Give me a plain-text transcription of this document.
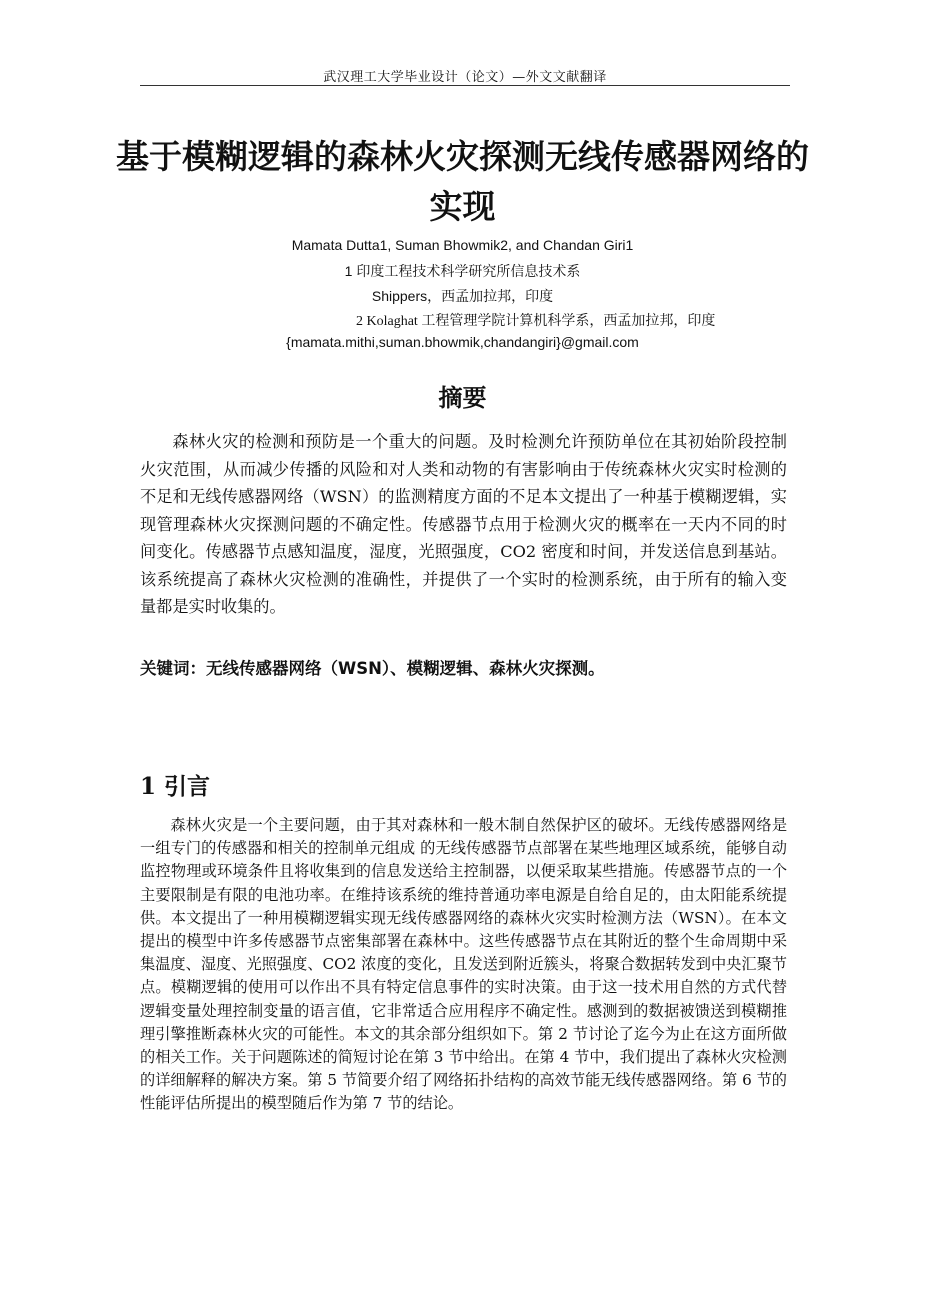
武汉理工大学毕业设计（论文）—外文文献翻译
基于模糊逻辑的森林火灾探测无线传感器网络的实现
Mamata Dutta1, Suman Bhowmik2, and Chandan Giri1
1 印度工程技术科学研究所信息技术系
Shippers，西孟加拉邦，印度
2 Kolaghat 工程管理学院计算机科学系，西孟加拉邦，印度
{mamata.mithi,suman.bhowmik,chandangiri}@gmail.com
摘要
森林火灾的检测和预防是一个重大的问题。及时检测允许预防单位在其初始阶段控制火灾范围，从而减少传播的风险和对人类和动物的有害影响由于传统森林火灾实时检测的不足和无线传感器网络（WSN）的监测精度方面的不足本文提出了一种基于模糊逻辑，实现管理森林火灾探测问题的不确定性。传感器节点用于检测火灾的概率在一天内不同的时间变化。传感器节点感知温度，湿度，光照强度，CO2 密度和时间，并发送信息到基站。该系统提高了森林火灾检测的准确性，并提供了一个实时的检测系统，由于所有的输入变量都是实时收集的。
关键词：无线传感器网络（WSN）、模糊逻辑、森林火灾探测。
1 引言
森林火灾是一个主要问题，由于其对森林和一般木制自然保护区的破坏。无线传感器网络是一组专门的传感器和相关的控制单元组成 的无线传感器节点部署在某些地理区域系统，能够自动监控物理或环境条件且将收集到的信息发送给主控制器，以便采取某些措施。传感器节点的一个主要限制是有限的电池功率。在维持该系统的维持普通功率电源是自给自足的，由太阳能系统提供。本文提出了一种用模糊逻辑实现无线传感器网络的森林火灾实时检测方法（WSN）。在本文提出的模型中许多传感器节点密集部署在森林中。这些传感器节点在其附近的整个生命周期中采集温度、湿度、光照强度、CO2 浓度的变化，且发送到附近簇头，将聚合数据转发到中央汇聚节点。模糊逻辑的使用可以作出不具有特定信息事件的实时决策。由于这一技术用自然的方式代替逻辑变量处理控制变量的语言值，它非常适合应用程序不确定性。感测到的数据被馈送到模糊推理引擎推断森林火灾的可能性。本文的其余部分组织如下。第 2 节讨论了迄今为止在这方面所做的相关工作。关于问题陈述的简短讨论在第 3 节中给出。在第 4 节中，我们提出了森林火灾检测的详细解释的解决方案。第 5 节简要介绍了网络拓扑结构的高效节能无线传感器网络。第 6 节的性能评估所提出的模型随后作为第 7 节的结论。
